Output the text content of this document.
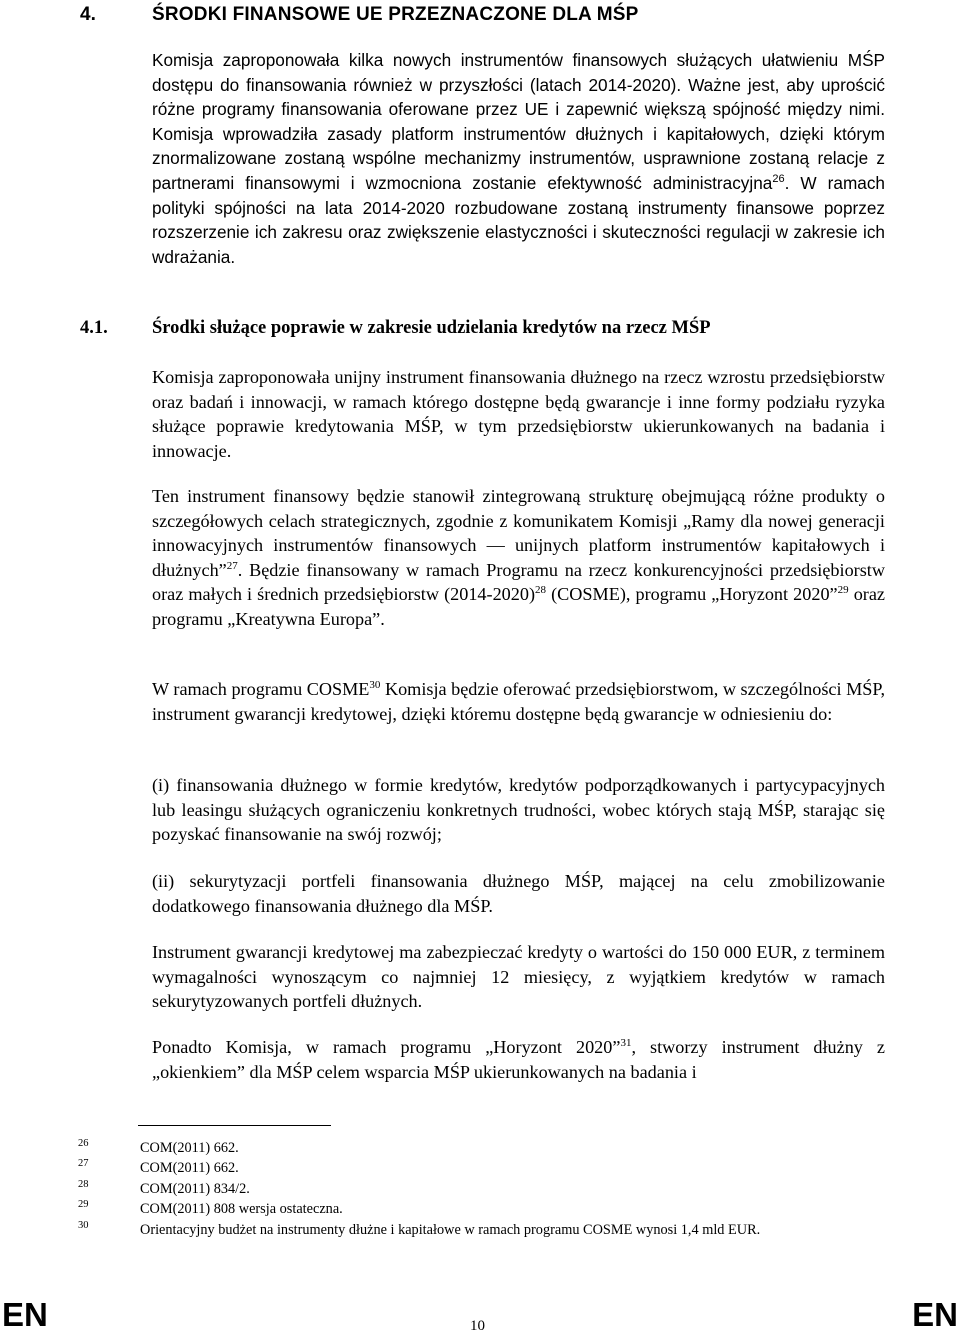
4.	ŚRODKI FINANSOWE UE PRZEZNACZONE DLA MŚP

Komisja zaproponowała kilka nowych instrumentów finansowych służących ułatwieniu MŚP dostępu do finansowania również w przyszłości (latach 2014-2020). Ważne jest, aby uprościć różne programy finansowania oferowane przez UE i zapewnić większą spójność między nimi. Komisja wprowadziła zasady platform instrumentów dłużnych i kapitałowych, dzięki którym znormalizowane zostaną wspólne mechanizmy instrumentów, usprawnione zostaną relacje z partnerami finansowymi i wzmocniona zostanie efektywność administracyjna$^{26}$. W ramach polityki spójności na lata 2014-2020 rozbudowane zostaną instrumenty finansowe poprzez rozszerzenie ich zakresu oraz zwiększenie elastyczności i skuteczności regulacji w zakresie ich wdrażania.

4.1. Środki służące poprawie w zakresie udzielania kredytów na rzecz MŚP

Komisja zaproponowała unijny instrument finansowania dłużnego na rzecz wzrostu przedsiębiorstw oraz badań i innowacji, w ramach którego dostępne będą gwarancje i inne formy podziału ryzyka służące poprawie kredytowania MŚP, w tym przedsiębiorstw ukierunkowanych na badania i innowacje.

Ten instrument finansowy będzie stanowił zintegrowaną strukturę obejmującą różne produkty o szczegółowych celach strategicznych, zgodnie z komunikatem Komisji „Ramy dla nowej generacji innowacyjnych instrumentów finansowych — unijnych platform instrumentów kapitałowych i dłużnych”$^{27}$. Będzie finansowany w ramach Programu na rzecz konkurencyjności przedsiębiorstw oraz małych i średnich przedsiębiorstw (2014-2020)$^{28}$ (COSME), programu „Horyzont 2020”$^{29}$ oraz programu „Kreatywna Europa”.

W ramach programu COSME$^{30}$ Komisja będzie oferować przedsiębiorstwom, w szczególności MŚP, instrument gwarancji kredytowej, dzięki któremu dostępne będą gwarancje w odniesieniu do:

(i) finansowania dłużnego w formie kredytów, kredytów podporządkowanych i partycypacyjnych lub leasingu służących ograniczeniu konkretnych trudności, wobec których stają MŚP, starając się pozyskać finansowanie na swój rozwój;

(ii) sekurytyzacji portfeli finansowania dłużnego MŚP, mającej na celu zmobilizowanie dodatkowego finansowania dłużnego dla MŚP.

Instrument gwarancji kredytowej ma zabezpieczać kredyty o wartości do 150 000 EUR, z terminem wymagalności wynoszącym co najmniej 12 miesięcy, z wyjątkiem kredytów w ramach sekurytyzowanych portfeli dłużnych.

Ponadto Komisja, w ramach programu „Horyzont 2020”$^{31}$, stworzy instrument dłużny z „okienkiem” dla MŚP celem wsparcia MŚP ukierunkowanych na badania i

26	COM(2011) 662.
27	COM(2011) 662.
28	COM(2011) 834/2.
29	COM(2011) 808 wersja ostateczna.
30	Orientacyjny budżet na instrumenty dłużne i kapitałowe w ramach programu COSME wynosi 1,4 mld EUR.
EN	10	EN
